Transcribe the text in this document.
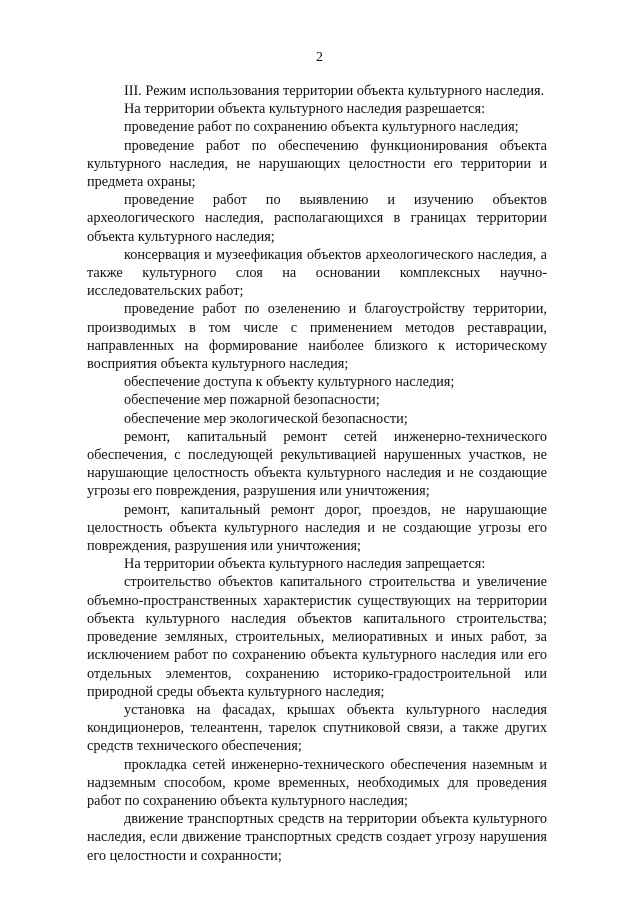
2

III. Режим использования территории объекта культурного наследия.

На территории объекта культурного наследия разрешается:

проведение работ по сохранению объекта культурного наследия;

проведение работ по обеспечению функционирования объекта культурного наследия, не нарушающих целостности его территории и предмета охраны;

проведение работ по выявлению и изучению объектов археологического наследия, располагающихся в границах территории объекта культурного наследия;

консервация и музеефикация объектов археологического наследия, а также культурного слоя на основании комплексных научно-исследовательских работ;

проведение работ по озеленению и благоустройству территории, производимых в том числе с применением методов реставрации, направленных на формирование наиболее близкого к историческому восприятия объекта культурного наследия;

обеспечение доступа к объекту культурного наследия;

обеспечение мер пожарной безопасности;

обеспечение мер экологической безопасности;

ремонт, капитальный ремонт сетей инженерно-технического обеспечения, с последующей рекультивацией нарушенных участков, не нарушающие целостность объекта культурного наследия и не создающие угрозы его повреждения, разрушения или уничтожения;

ремонт, капитальный ремонт дорог, проездов, не нарушающие целостность объекта культурного наследия и не создающие угрозы его повреждения, разрушения или уничтожения;

На территории объекта культурного наследия запрещается:

строительство объектов капитального строительства и увеличение объемно-пространственных характеристик существующих на территории объекта культурного наследия объектов капитального строительства; проведение земляных, строительных, мелиоративных и иных работ, за исключением работ по сохранению объекта культурного наследия или его отдельных элементов, сохранению историко-градостроительной или природной среды объекта культурного наследия;

установка на фасадах, крышах объекта культурного наследия кондиционеров, телеантенн, тарелок спутниковой связи, а также других средств технического обеспечения;

прокладка сетей инженерно-технического обеспечения наземным и надземным способом, кроме временных, необходимых для проведения работ по сохранению объекта культурного наследия;

движение транспортных средств на территории объекта культурного наследия, если движение транспортных средств создает угрозу нарушения его целостности и сохранности;
